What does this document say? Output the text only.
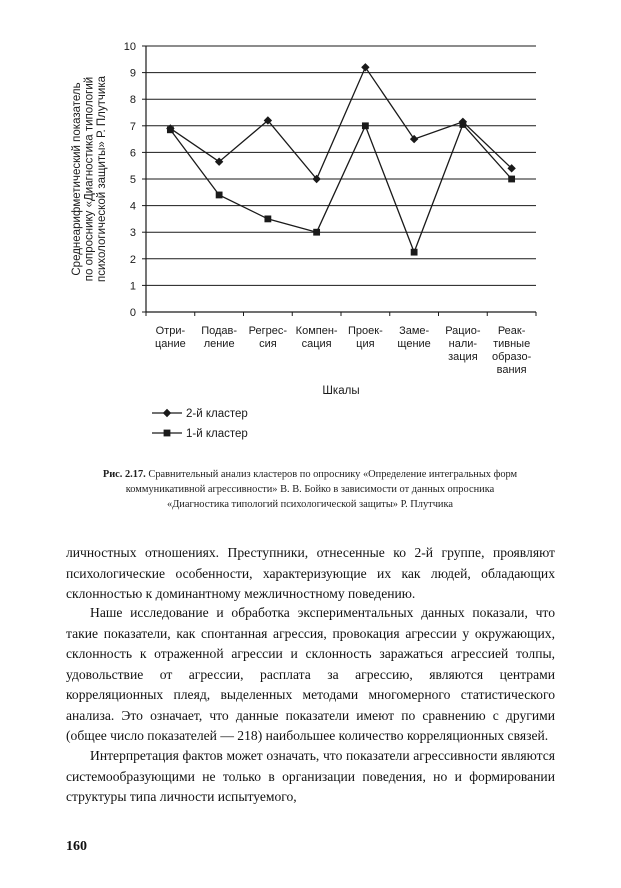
Среднеарифметический показательпо опроснику «Диагностика типологийпсихологической защиты» Р. Плутчика
0
1
2
3
4
5
6
7
8
9
10
Отри-цание
Подав-ление
Регрес-сия
Компен-сация
Проек-ция
Заме-щение
Рацио-нали-зация
Реак-тивные образо-вания
Шкалы
2-й кластер
1-й кластер
Рис. 2.17. Сравнительный анализ кластеров по опроснику «Определение интегральных форм коммуникативной агрессивности» В. В. Бойко в зависимости от данных опросника «Диагностика типологий психологической защиты» Р. Плутчика

личностных отношениях. Преступники, отнесенные ко 2-й группе, проявляют психологические особенности, характеризующие их как людей, обладающих склонностью к доминантному межличностному поведению.

Наше исследование и обработка экспериментальных данных показали, что такие показатели, как спонтанная агрессия, провокация агрессии у окружающих, склонность к отраженной агрессии и склонность заражаться агрессией толпы, удовольствие от агрессии, расплата за агрессию, являются центрами корреляционных плеяд, выделенных методами многомерного статистического анализа. Это означает, что данные показатели имеют по сравнению с другими (общее число показателей — 218) наибольшее количество корреляционных связей.

Интерпретация фактов может означать, что показатели агрессивности являются системообразующими не только в организации поведения, но и формировании структуры типа личности испытуемого,

160
